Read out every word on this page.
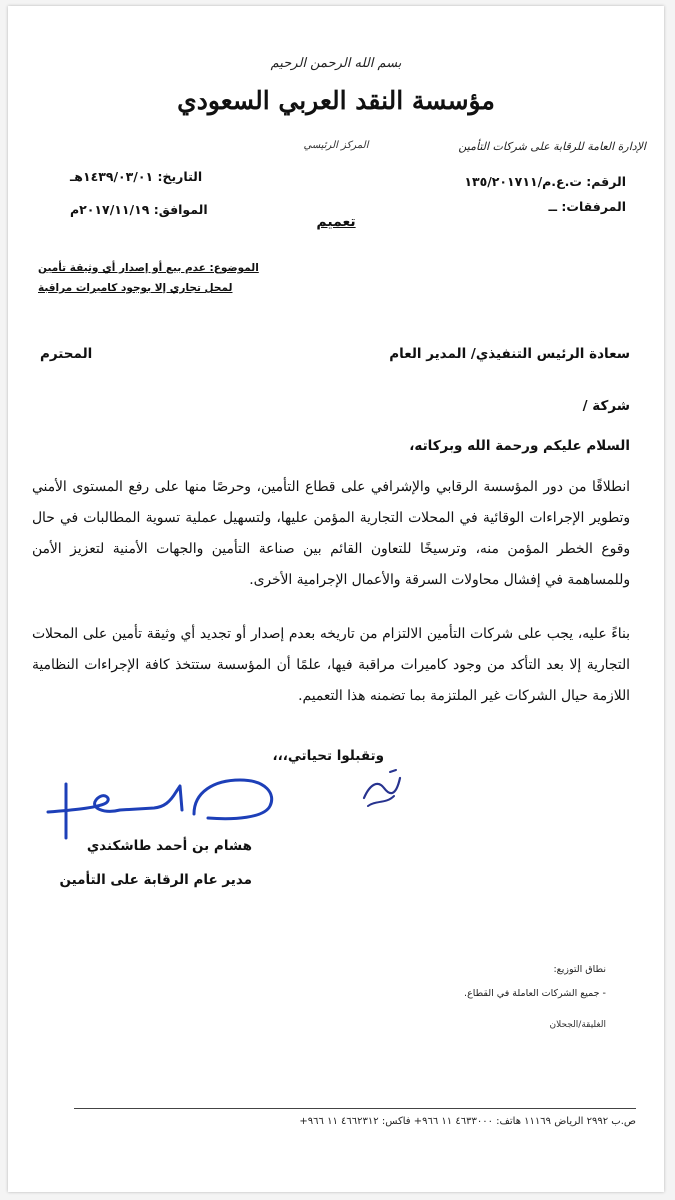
بسم الله الرحمن الرحيم
مؤسسة النقد العربي السعودي
المركز الرئيسي	الإدارة العامة للرقابة على شركات التأمين
الرقم: ت.ع.م/١٣٥/٢٠١٧١١
المرفقات: ــ
التاريخ: ١٤٣٩/٠٣/٠١هـ
الموافق: ٢٠١٧/١١/١٩م
تعميم
الموضوع: عدم بيع أو إصدار أي وثيقة تأمين
لمحل تجاري إلا بوجود كاميرات مراقبة
سعادة الرئيس التنفيذي/ المدير العام
المحترم
شركة /
السلام عليكم ورحمة الله وبركاته،
انطلاقًا من دور المؤسسة الرقابي والإشرافي على قطاع التأمين، وحرصًا منها على رفع المستوى الأمني وتطوير الإجراءات الوقائية في المحلات التجارية المؤمن عليها، ولتسهيل عملية تسوية المطالبات في حال وقوع الخطر المؤمن منه، وترسيخًا للتعاون القائم بين صناعة التأمين والجهات الأمنية لتعزيز الأمن وللمساهمة في إفشال محاولات السرقة والأعمال الإجرامية الأخرى.
بناءً عليه، يجب على شركات التأمين الالتزام من تاريخه بعدم إصدار أو تجديد أي وثيقة تأمين على المحلات التجارية إلا بعد التأكد من وجود كاميرات مراقبة فيها، علمًا أن المؤسسة ستتخذ كافة الإجراءات النظامية اللازمة حيال الشركات غير الملتزمة بما تضمنه هذا التعميم.
وتقبلوا تحياتي،،،
هشام بن أحمد طاشكندي
مدير عام الرقابة على التأمين
نطاق التوزيع:
- جميع الشركات العاملة في القطاع.
الغليقة/الجحلان
ص.ب ٢٩٩٢ الرياض ١١١٦٩ هاتف: ٤٦٣٣٠٠٠ ١١ ٩٦٦+ فاكس: ٤٦٦٢٣١٢ ١١ ٩٦٦+
